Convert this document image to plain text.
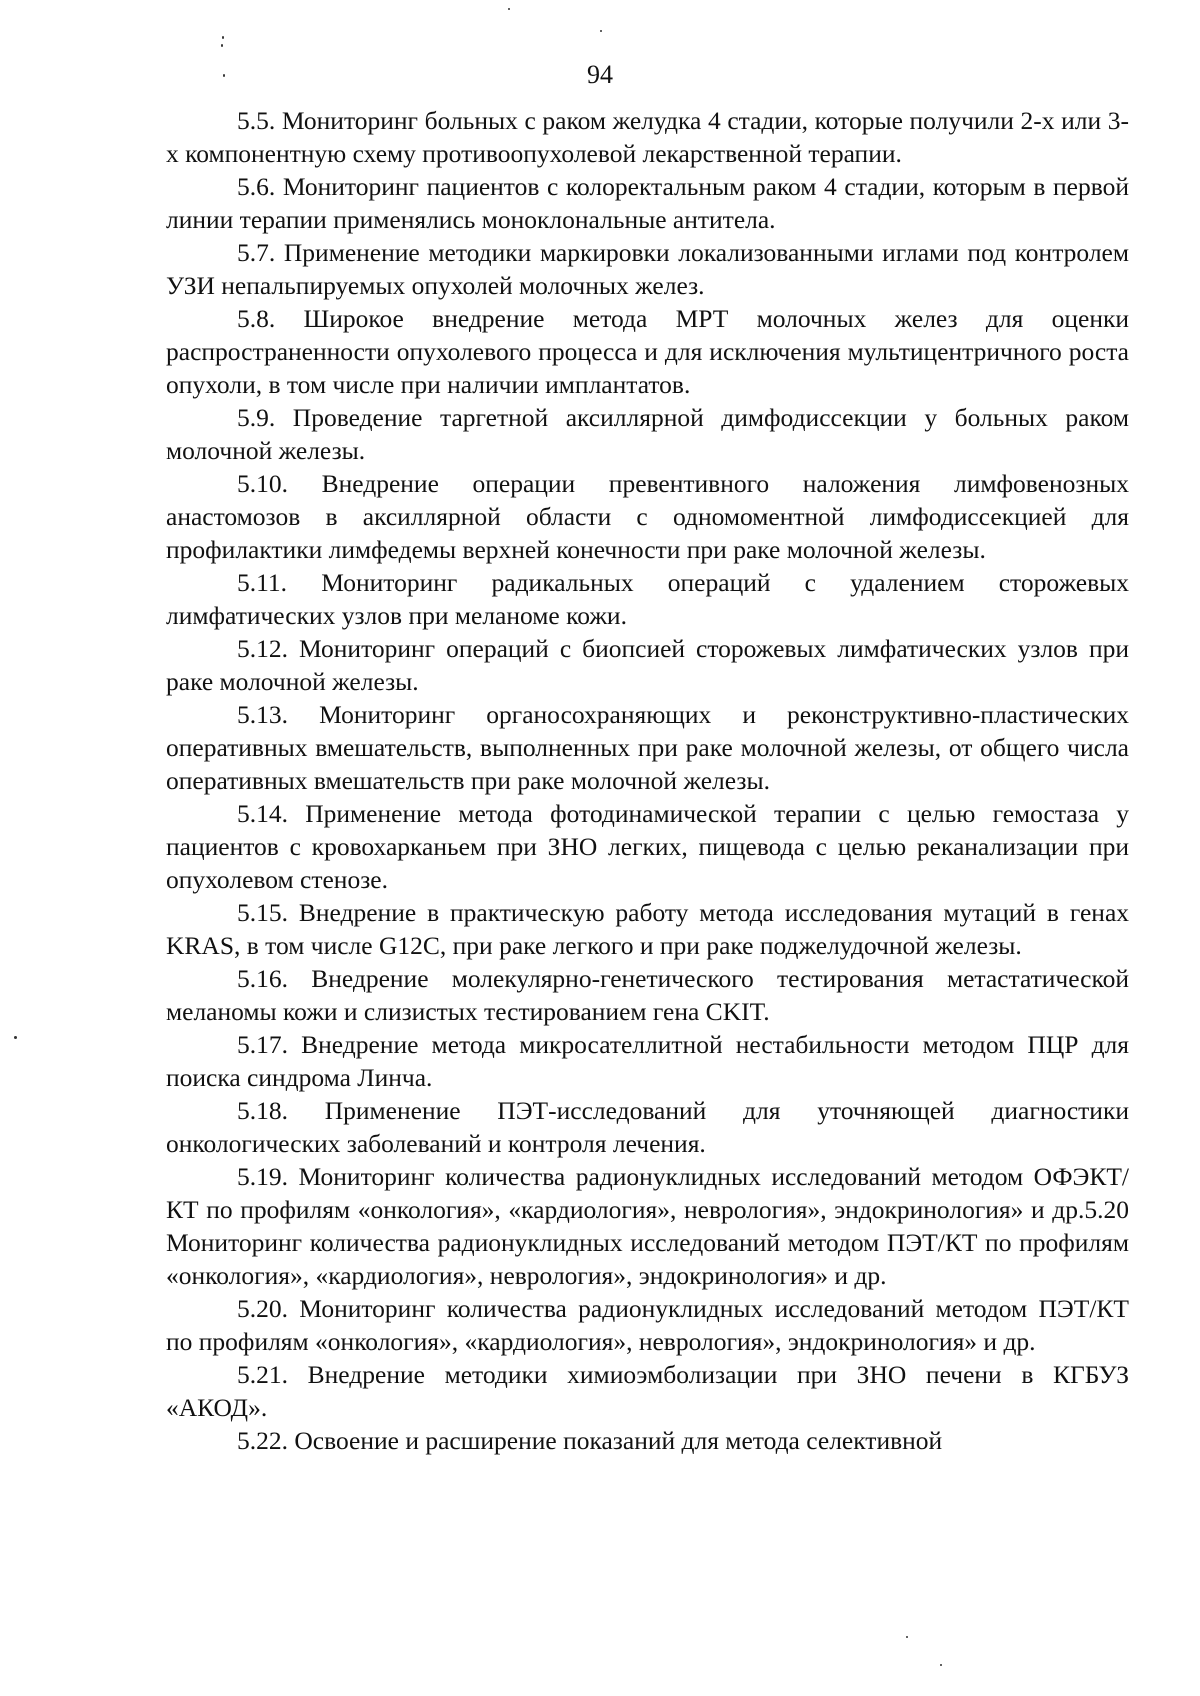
94

5.5. Мониторинг больных с раком желудка 4 стадии, которые получили 2-х или 3-х компонентную схему противоопухолевой лекарственной терапии.

5.6. Мониторинг пациентов с колоректальным раком 4 стадии, которым в первой линии терапии применялись моноклональные антитела.

5.7. Применение методики маркировки локализованными иглами под контролем УЗИ непальпируемых опухолей молочных желез.

5.8. Широкое внедрение метода МРТ молочных желез для оценки распространенности опухолевого процесса и для исключения мультицентричного роста опухоли, в том числе при наличии имплантатов.

5.9. Проведение таргетной аксиллярной димфодиссекции у больных раком молочной железы.

5.10. Внедрение операции превентивного наложения лимфовенозных анастомозов в аксиллярной области с одномоментной лимфодиссекцией для профилактики лимфедемы верхней конечности при раке молочной железы.

5.11. Мониторинг радикальных операций с удалением сторожевых лимфатических узлов при меланоме кожи.

5.12. Мониторинг операций с биопсией сторожевых лимфатических узлов при раке молочной железы.

5.13. Мониторинг органосохраняющих и реконструктивно-пластических оперативных вмешательств, выполненных при раке молочной железы, от общего числа оперативных вмешательств при раке молочной железы.

5.14. Применение метода фотодинамической терапии с целью гемостаза у пациентов с кровохарканьем при ЗНО легких, пищевода с целью реканализации при опухолевом стенозе.

5.15. Внедрение в практическую работу метода исследования мутаций в генах KRAS, в том числе G12C, при раке легкого и при раке поджелудочной железы.

5.16. Внедрение молекулярно-генетического тестирования метастатической меланомы кожи и слизистых тестированием гена CKIT.

5.17. Внедрение метода микросателлитной нестабильности методом ПЦР для поиска синдрома Линча.

5.18. Применение ПЭТ-исследований для уточняющей диагностики онкологических заболеваний и контроля лечения.

5.19. Мониторинг количества радионуклидных исследований методом ОФЭКТ/КТ по профилям «онкология», «кардиология», неврология», эндокринология» и др.5.20 Мониторинг количества радионуклидных исследований методом ПЭТ/КТ по профилям «онкология», «кардиология», неврология», эндокринология» и др.

5.20. Мониторинг количества радионуклидных исследований методом ПЭТ/КТ по профилям «онкология», «кардиология», неврология», эндокринология» и др.

5.21. Внедрение методики химиоэмболизации при ЗНО печени в КГБУЗ «АКОД».

5.22. Освоение и расширение показаний для метода селективной
